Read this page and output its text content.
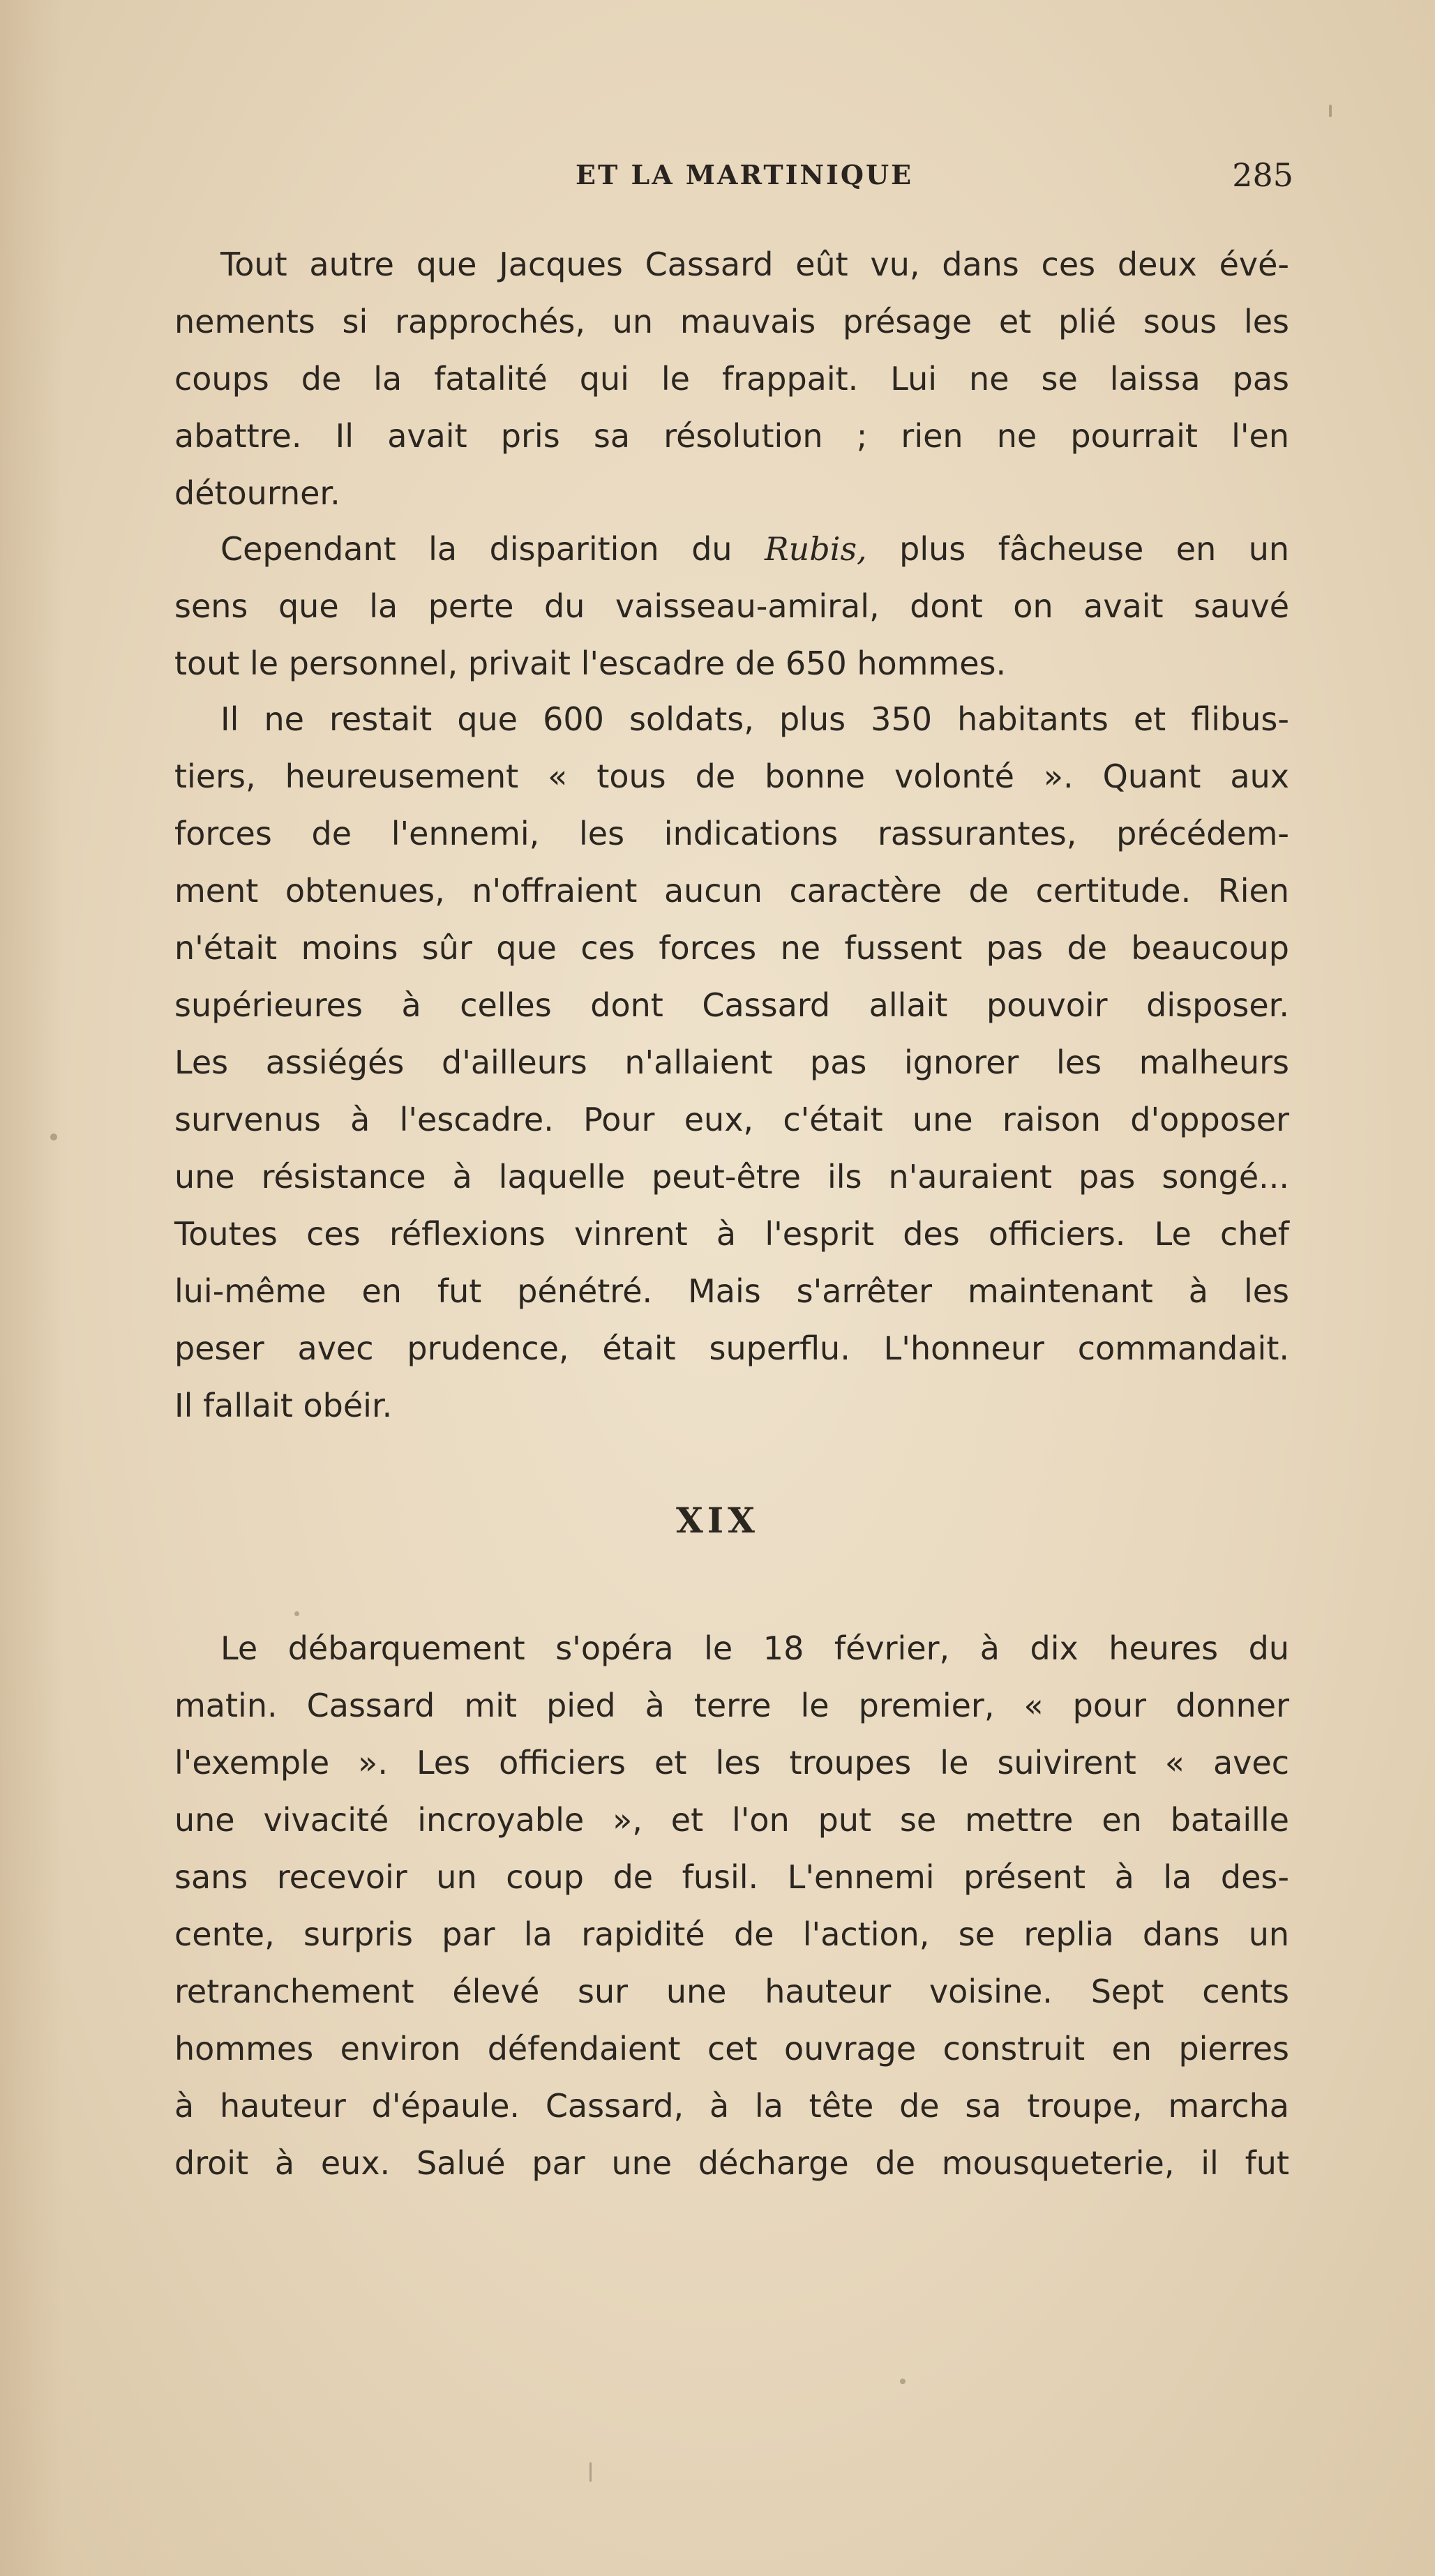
ET LA MARTINIQUE	285

Tout autre que Jacques Cassard eût vu, dans ces deux évé-
nements si rapprochés, un mauvais présage et plié sous les
coups de la fatalité qui le frappait. Lui ne se laissa pas
abattre. Il avait pris sa résolution ; rien ne pourrait l'en
détourner.

Cependant la disparition du Rubis, plus fâcheuse en un
sens que la perte du vaisseau-amiral, dont on avait sauvé
tout le personnel, privait l'escadre de 650 hommes.

Il ne restait que 600 soldats, plus 350 habitants et flibus-
tiers, heureusement « tous de bonne volonté ». Quant aux
forces de l'ennemi, les indications rassurantes, précédem-
ment obtenues, n'offraient aucun caractère de certitude. Rien
n'était moins sûr que ces forces ne fussent pas de beaucoup
supérieures à celles dont Cassard allait pouvoir disposer.
Les assiégés d'ailleurs n'allaient pas ignorer les malheurs
survenus à l'escadre. Pour eux, c'était une raison d'opposer
une résistance à laquelle peut-être ils n'auraient pas songé...
Toutes ces réflexions vinrent à l'esprit des officiers. Le chef
lui-même en fut pénétré. Mais s'arrêter maintenant à les
peser avec prudence, était superflu. L'honneur commandait.
Il fallait obéir.

XIX

Le débarquement s'opéra le 18 février, à dix heures du
matin. Cassard mit pied à terre le premier, « pour donner
l'exemple ». Les officiers et les troupes le suivirent « avec
une vivacité incroyable », et l'on put se mettre en bataille
sans recevoir un coup de fusil. L'ennemi présent à la des-
cente, surpris par la rapidité de l'action, se replia dans un
retranchement élevé sur une hauteur voisine. Sept cents
hommes environ défendaient cet ouvrage construit en pierres
à hauteur d'épaule. Cassard, à la tête de sa troupe, marcha
droit à eux. Salué par une décharge de mousqueterie, il fut
